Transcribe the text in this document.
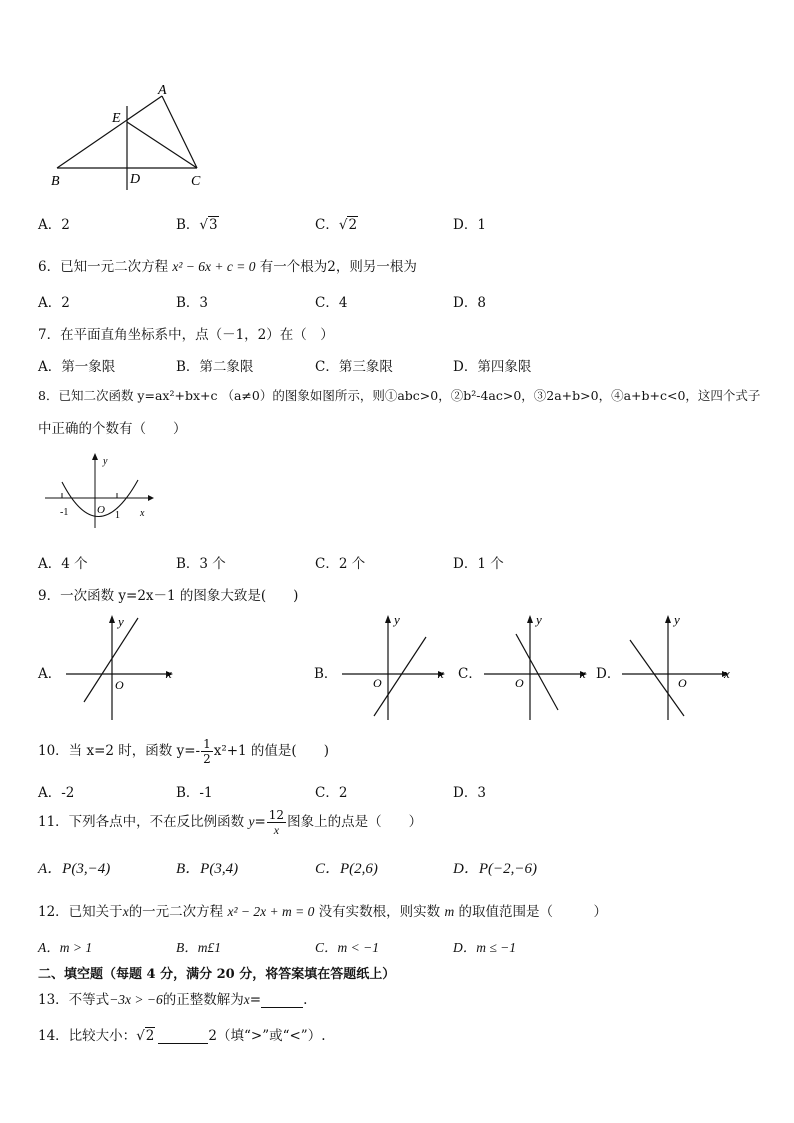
A
E
B	D	C
A．2	B．√3	C．√2	D．1
6．已知一元二次方程 x² − 6x + c = 0 有一个根为2，则另一根为
A．2	B．3	C．4	D．8
7．在平面直角坐标系中，点（－1，2）在（　）
A．第一象限	B．第二象限	C．第三象限	D．第四象限
8．已知二次函数 y=ax²+bx+c （a≠0）的图象如图所示，则①abc>0，②b²-4ac>0，③2a+b>0，④a+b+c<0，这四个式子
中正确的个数有（　　）
y
x
-1	O 1
A．4 个	B．3 个	C．2 个	D．1 个
9．一次函数 y=2x－1 的图象大致是(　　)
A．
y
x
O
B．
y
x
O
C．
y
x
O
D．
y
x
O
10．当 x=2 时，函数 $y=- \frac{1}{2} x^2+1$ 的值是(　　)
A．-2	B．-1	C．2	D．3
11．下列各点中，不在反比例函数 $y= \frac{12}{x}$ 图象上的点是（　　）
A．P(3,−4)	B．P(3,4)	C．P(2,6)	D．P(−2,−6)
12．已知关于x的一元二次方程 x² − 2x + m = 0 没有实数根，则实数 m 的取值范围是（　　　）
A．m > 1	B．m£1	C．m < −1	D．m ≤ −1
二、填空题（每题 4 分，满分 20 分，将答案填在答题纸上）
13．不等式−3x > −6的正整数解为x=	.
14．比较大小：√2	2（填“>”或“<”）.
